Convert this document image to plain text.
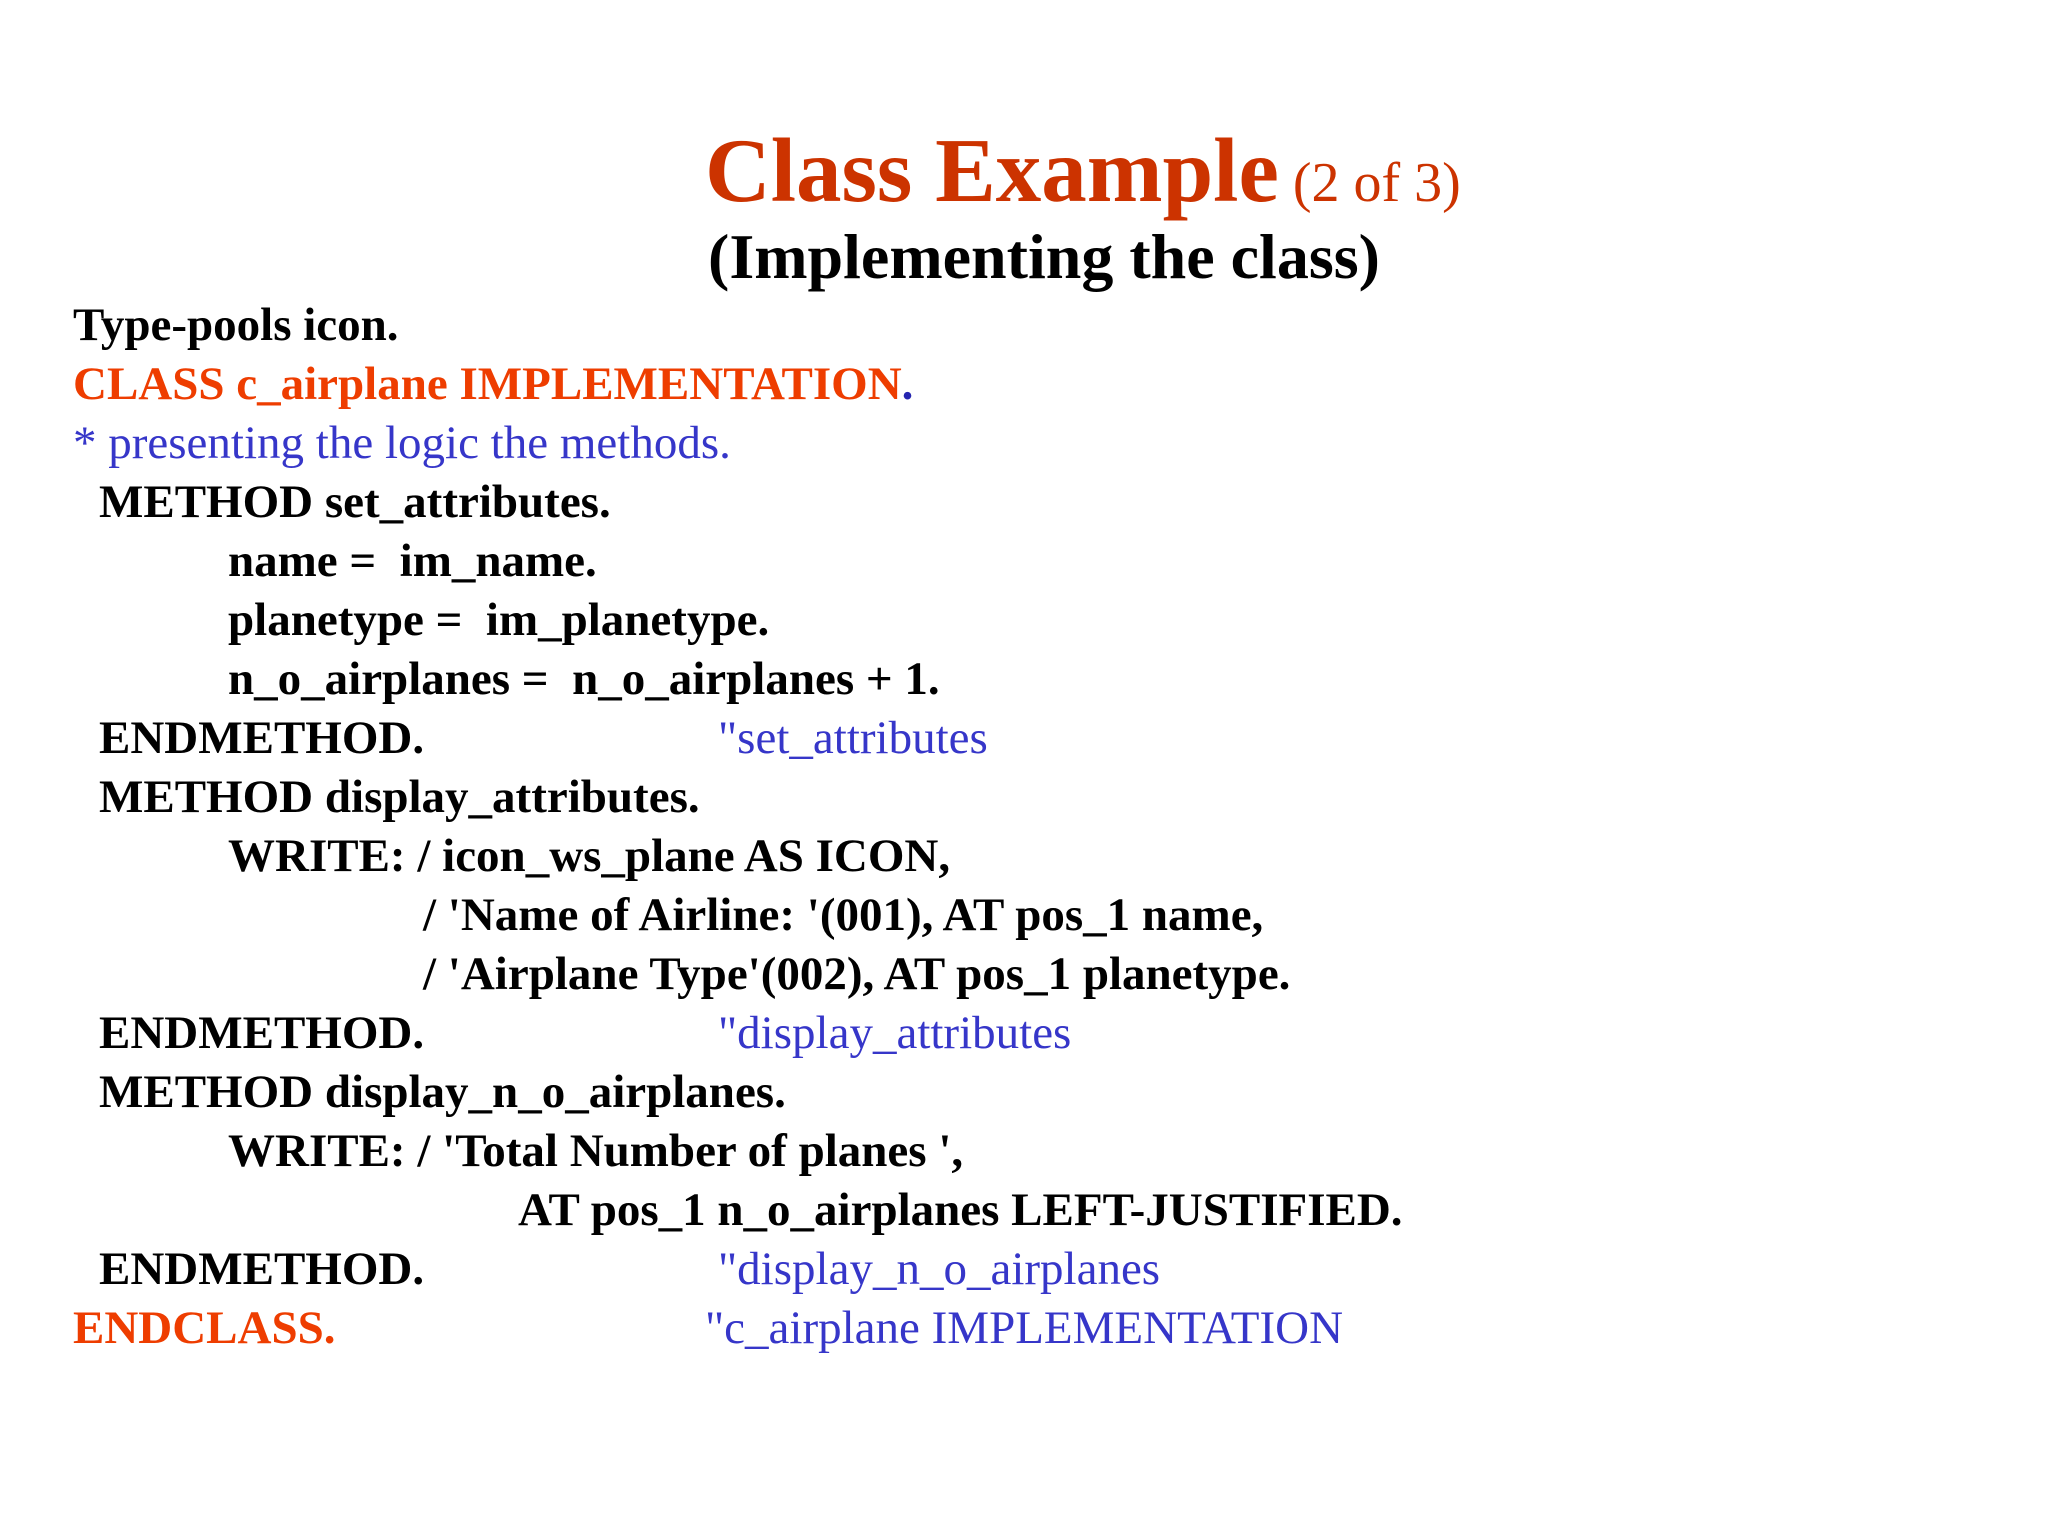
Class Example (2 of 3)
(Implementing the class)
Type-pools icon.
CLASS c_airplane IMPLEMENTATION.
* presenting the logic the methods.
METHOD set_attributes.
name =  im_name.
planetype =  im_planetype.
n_o_airplanes =  n_o_airplanes + 1.
ENDMETHOD.	"set_attributes
METHOD display_attributes.
WRITE: / icon_ws_plane AS ICON,
/ 'Name of Airline: '(001), AT pos_1 name,
/ 'Airplane Type'(002), AT pos_1 planetype.
ENDMETHOD.	"display_attributes
METHOD display_n_o_airplanes.
WRITE: / 'Total Number of planes ',
AT pos_1 n_o_airplanes LEFT-JUSTIFIED.
ENDMETHOD.	"display_n_o_airplanes
ENDCLASS.	"c_airplane IMPLEMENTATION
